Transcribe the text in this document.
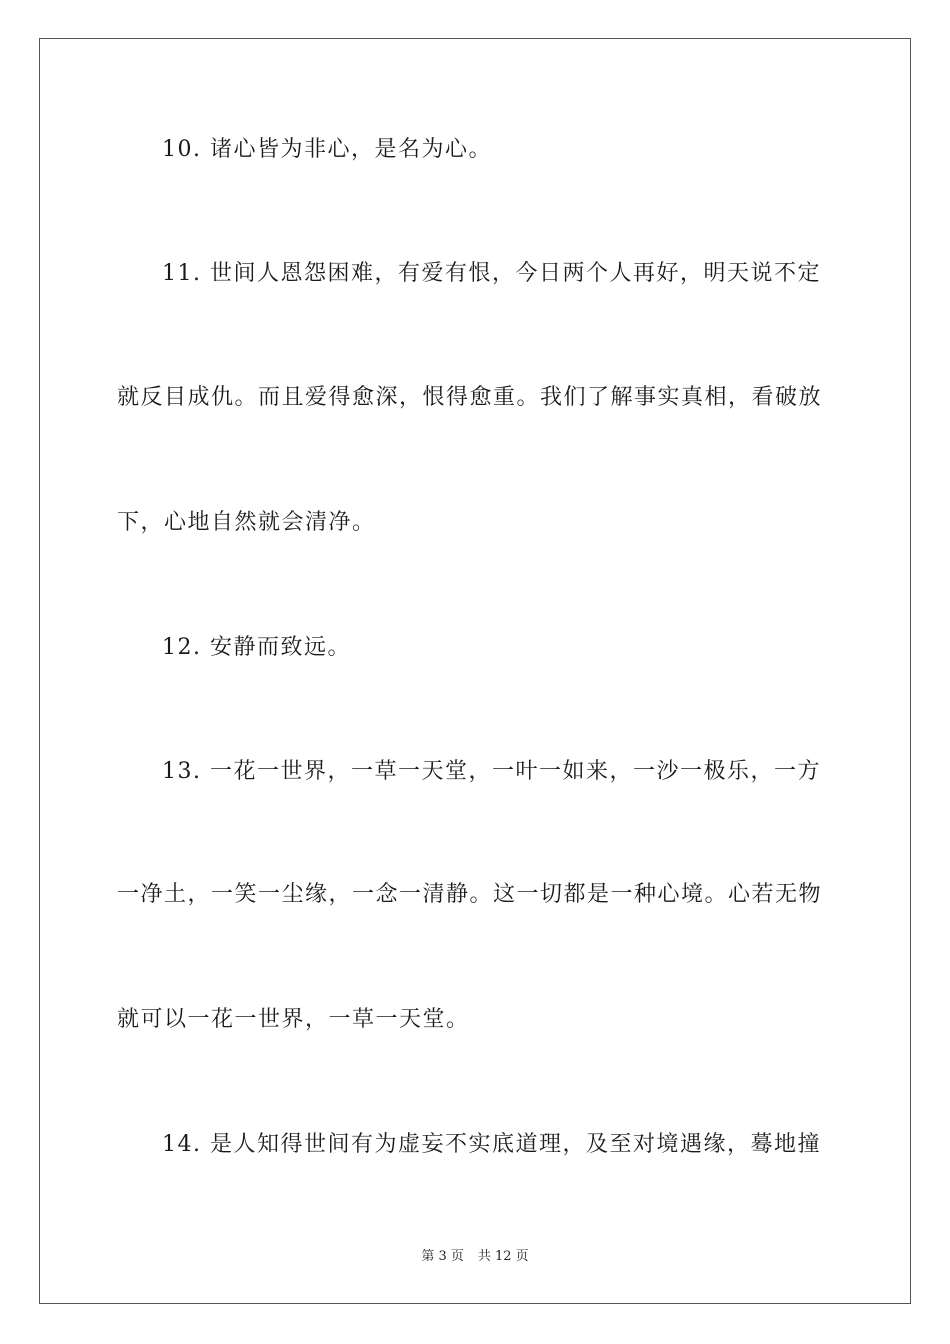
10. 诸心皆为非心，是名为心。
11. 世间人恩怨困难，有爱有恨，今日两个人再好，明天说不定
就反目成仇。而且爱得愈深，恨得愈重。我们了解事实真相，看破放
下，心地自然就会清净。
12. 安静而致远。
13. 一花一世界，一草一天堂，一叶一如来，一沙一极乐，一方
一净土，一笑一尘缘，一念一清静。这一切都是一种心境。心若无物
就可以一花一世界，一草一天堂。
14. 是人知得世间有为虚妄不实底道理，及至对境遇缘，蓦地撞
第 3 页 共 12 页
